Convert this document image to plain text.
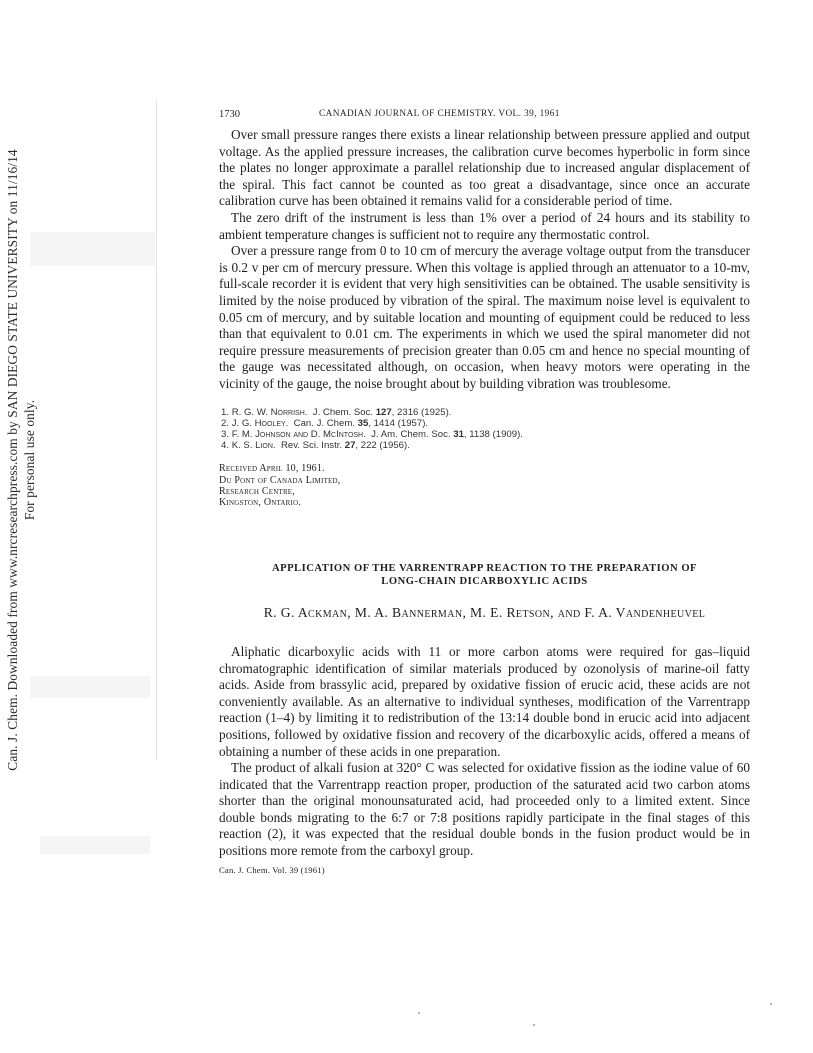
Can. J. Chem. Downloaded from www.nrcresearchpress.com by SAN DIEGO STATE UNIVERSITY on 11/16/14 For personal use only.
1730	CANADIAN JOURNAL OF CHEMISTRY. VOL. 39, 1961

Over small pressure ranges there exists a linear relationship between pressure applied and output voltage. As the applied pressure increases, the calibration curve becomes hyperbolic in form since the plates no longer approximate a parallel relationship due to increased angular displacement of the spiral. This fact cannot be counted as too great a disadvantage, since once an accurate calibration curve has been obtained it remains valid for a considerable period of time.

The zero drift of the instrument is less than 1% over a period of 24 hours and its stability to ambient temperature changes is sufficient not to require any thermostatic control.

Over a pressure range from 0 to 10 cm of mercury the average voltage output from the transducer is 0.2 v per cm of mercury pressure. When this voltage is applied through an attenuator to a 10-mv, full-scale recorder it is evident that very high sensitivities can be obtained. The usable sensitivity is limited by the noise produced by vibration of the spiral. The maximum noise level is equivalent to 0.05 cm of mercury, and by suitable location and mounting of equipment could be reduced to less than that equivalent to 0.01 cm. The experiments in which we used the spiral manometer did not require pressure measurements of precision greater than 0.05 cm and hence no special mounting of the gauge was necessitated although, on occasion, when heavy motors were operating in the vicinity of the gauge, the noise brought about by building vibration was troublesome.

1. R. G. W. Norrish. J. Chem. Soc. 127, 2316 (1925).
2. J. G. Hooley. Can. J. Chem. 35, 1414 (1957).
3. F. M. Johnson and D. McIntosh. J. Am. Chem. Soc. 31, 1138 (1909).
4. K. S. Lion. Rev. Sci. Instr. 27, 222 (1956).
Received April 10, 1961.
Du Pont of Canada Limited,
Research Centre,
Kingston, Ontario.
APPLICATION OF THE VARRENTRAPP REACTION TO THE PREPARATION OF
LONG-CHAIN DICARBOXYLIC ACIDS
R. G. Ackman, M. A. Bannerman, M. E. Retson, and F. A. Vandenheuvel

Aliphatic dicarboxylic acids with 11 or more carbon atoms were required for gas–liquid chromatographic identification of similar materials produced by ozonolysis of marine-oil fatty acids. Aside from brassylic acid, prepared by oxidative fission of erucic acid, these acids are not conveniently available. As an alternative to individual syntheses, modification of the Varrentrapp reaction (1–4) by limiting it to redistribution of the 13:14 double bond in erucic acid into adjacent positions, followed by oxidative fission and recovery of the dicarboxylic acids, offered a means of obtaining a number of these acids in one preparation.

The product of alkali fusion at 320° C was selected for oxidative fission as the iodine value of 60 indicated that the Varrentrapp reaction proper, production of the saturated acid two carbon atoms shorter than the original monounsaturated acid, had proceeded only to a limited extent. Since double bonds migrating to the 6:7 or 7:8 positions rapidly participate in the final stages of this reaction (2), it was expected that the residual double bonds in the fusion product would be in positions more remote from the carboxyl group.

Can. J. Chem. Vol. 39 (1961)
